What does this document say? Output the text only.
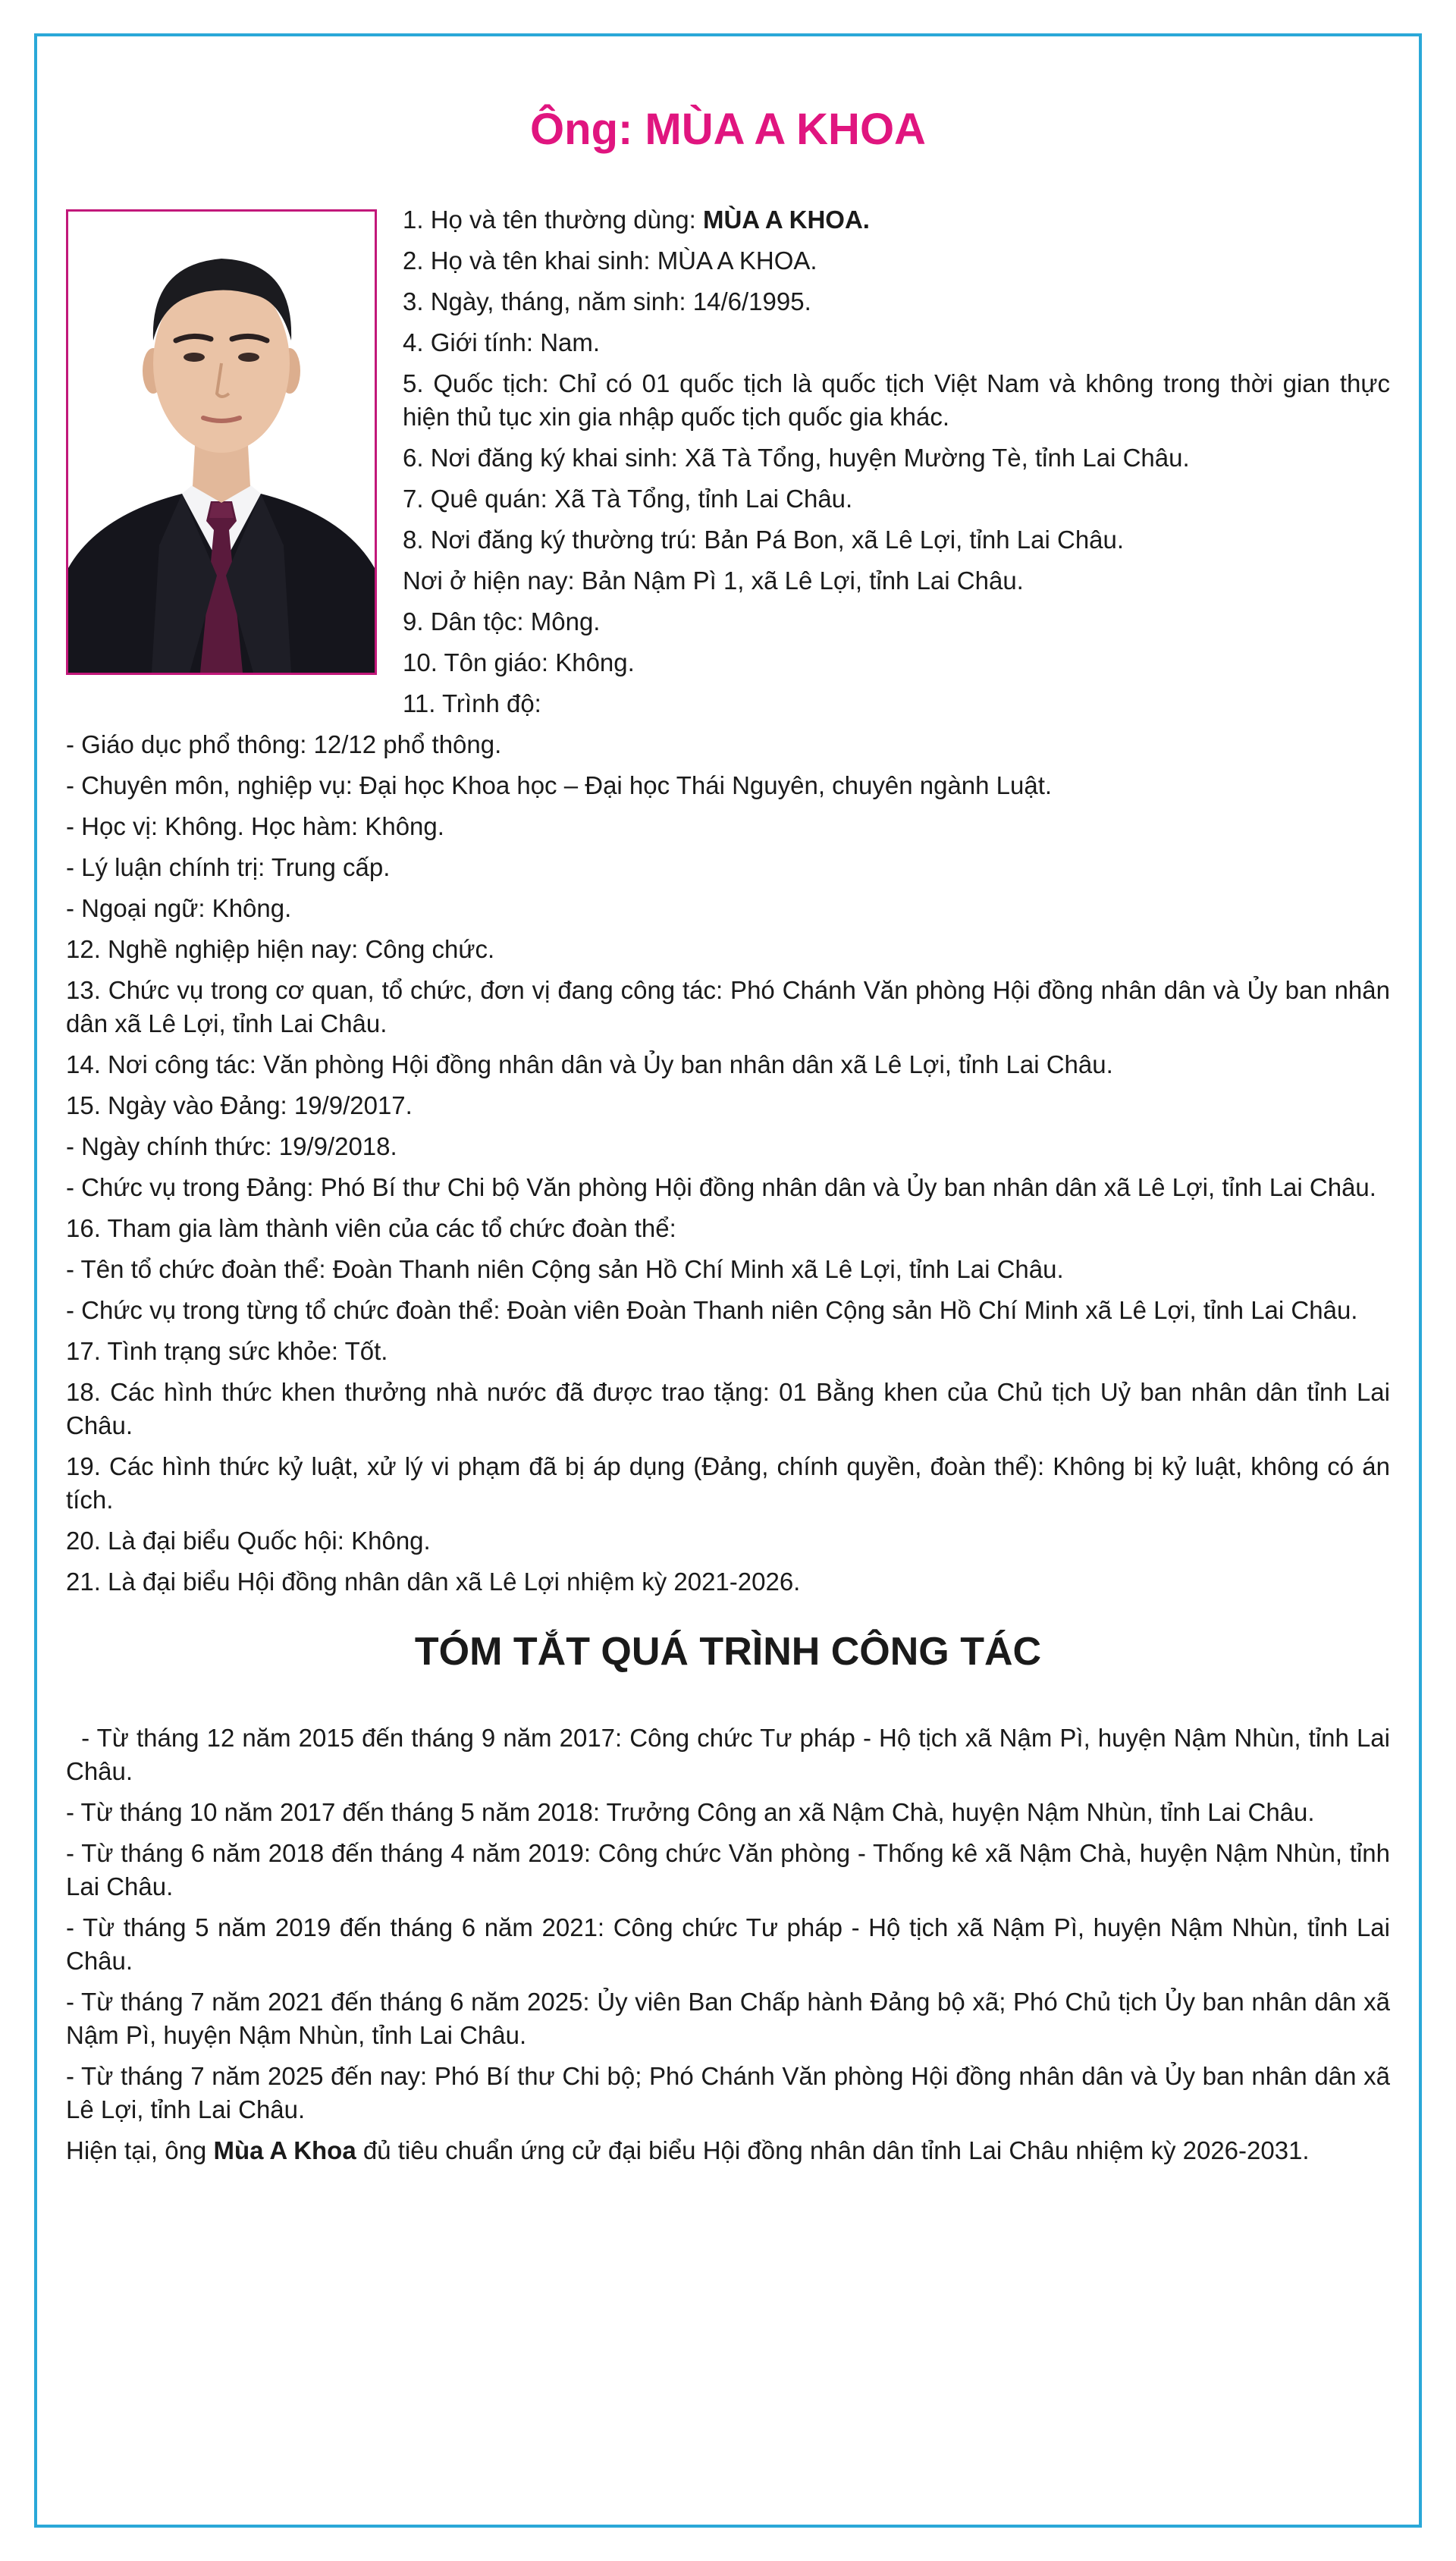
Ông: MÙA A KHOA

1. Họ và tên thường dùng: MÙA A KHOA.

2. Họ và tên khai sinh: MÙA A KHOA.

3. Ngày, tháng, năm sinh: 14/6/1995.

4. Giới tính: Nam.

5. Quốc tịch: Chỉ có 01 quốc tịch là quốc tịch Việt Nam và không trong thời gian thực hiện thủ tục xin gia nhập quốc tịch quốc gia khác.

6. Nơi đăng ký khai sinh: Xã Tà Tổng, huyện Mường Tè, tỉnh Lai Châu.

7. Quê quán: Xã Tà Tổng, tỉnh Lai Châu.

8. Nơi đăng ký thường trú: Bản Pá Bon, xã Lê Lợi, tỉnh Lai Châu.

Nơi ở hiện nay: Bản Nậm Pì 1, xã Lê Lợi, tỉnh Lai Châu.

9. Dân tộc: Mông.

10. Tôn giáo: Không.

11. Trình độ:

- Giáo dục phổ thông: 12/12 phổ thông.

- Chuyên môn, nghiệp vụ: Đại học Khoa học – Đại học Thái Nguyên, chuyên ngành Luật.

- Học vị: Không. Học hàm: Không.

- Lý luận chính trị: Trung cấp.

- Ngoại ngữ: Không.

12. Nghề nghiệp hiện nay: Công chức.

13. Chức vụ trong cơ quan, tổ chức, đơn vị đang công tác: Phó Chánh Văn phòng Hội đồng nhân dân và Ủy ban nhân dân xã Lê Lợi, tỉnh Lai Châu.

14. Nơi công tác: Văn phòng Hội đồng nhân dân và Ủy ban nhân dân xã Lê Lợi, tỉnh Lai Châu.

15. Ngày vào Đảng: 19/9/2017.

- Ngày chính thức: 19/9/2018.

- Chức vụ trong Đảng: Phó Bí thư Chi bộ Văn phòng Hội đồng nhân dân và Ủy ban nhân dân xã Lê Lợi, tỉnh Lai Châu.

16. Tham gia làm thành viên của các tổ chức đoàn thể:

- Tên tổ chức đoàn thể: Đoàn Thanh niên Cộng sản Hồ Chí Minh xã Lê Lợi, tỉnh Lai Châu.

- Chức vụ trong từng tổ chức đoàn thể: Đoàn viên Đoàn Thanh niên Cộng sản Hồ Chí Minh xã Lê Lợi, tỉnh Lai Châu.

17. Tình trạng sức khỏe: Tốt.

18. Các hình thức khen thưởng nhà nước đã được trao tặng: 01 Bằng khen của Chủ tịch Uỷ ban nhân dân tỉnh Lai Châu.

19. Các hình thức kỷ luật, xử lý vi phạm đã bị áp dụng (Đảng, chính quyền, đoàn thể): Không bị kỷ luật, không có án tích.

20. Là đại biểu Quốc hội: Không.

21. Là đại biểu Hội đồng nhân dân xã Lê Lợi nhiệm kỳ 2021-2026.

TÓM TẮT QUÁ TRÌNH CÔNG TÁC

- Từ tháng 12 năm 2015 đến tháng 9 năm 2017: Công chức Tư pháp - Hộ tịch xã Nậm Pì, huyện Nậm Nhùn, tỉnh Lai Châu.

- Từ tháng 10 năm 2017 đến tháng 5 năm 2018: Trưởng Công an xã Nậm Chà, huyện Nậm Nhùn, tỉnh Lai Châu.

- Từ tháng 6 năm 2018 đến tháng 4 năm 2019: Công chức Văn phòng - Thống kê xã Nậm Chà, huyện Nậm Nhùn, tỉnh Lai Châu.

- Từ tháng 5 năm 2019 đến tháng 6 năm 2021: Công chức Tư pháp - Hộ tịch xã Nậm Pì, huyện Nậm Nhùn, tỉnh Lai Châu.

- Từ tháng 7 năm 2021 đến tháng 6 năm 2025: Ủy viên Ban Chấp hành Đảng bộ xã; Phó Chủ tịch Ủy ban nhân dân xã Nậm Pì, huyện Nậm Nhùn, tỉnh Lai Châu.

- Từ tháng 7 năm 2025 đến nay: Phó Bí thư Chi bộ; Phó Chánh Văn phòng Hội đồng nhân dân và Ủy ban nhân dân xã Lê Lợi, tỉnh Lai Châu.

Hiện tại, ông Mùa A Khoa đủ tiêu chuẩn ứng cử đại biểu Hội đồng nhân dân tỉnh Lai Châu nhiệm kỳ 2026-2031.
